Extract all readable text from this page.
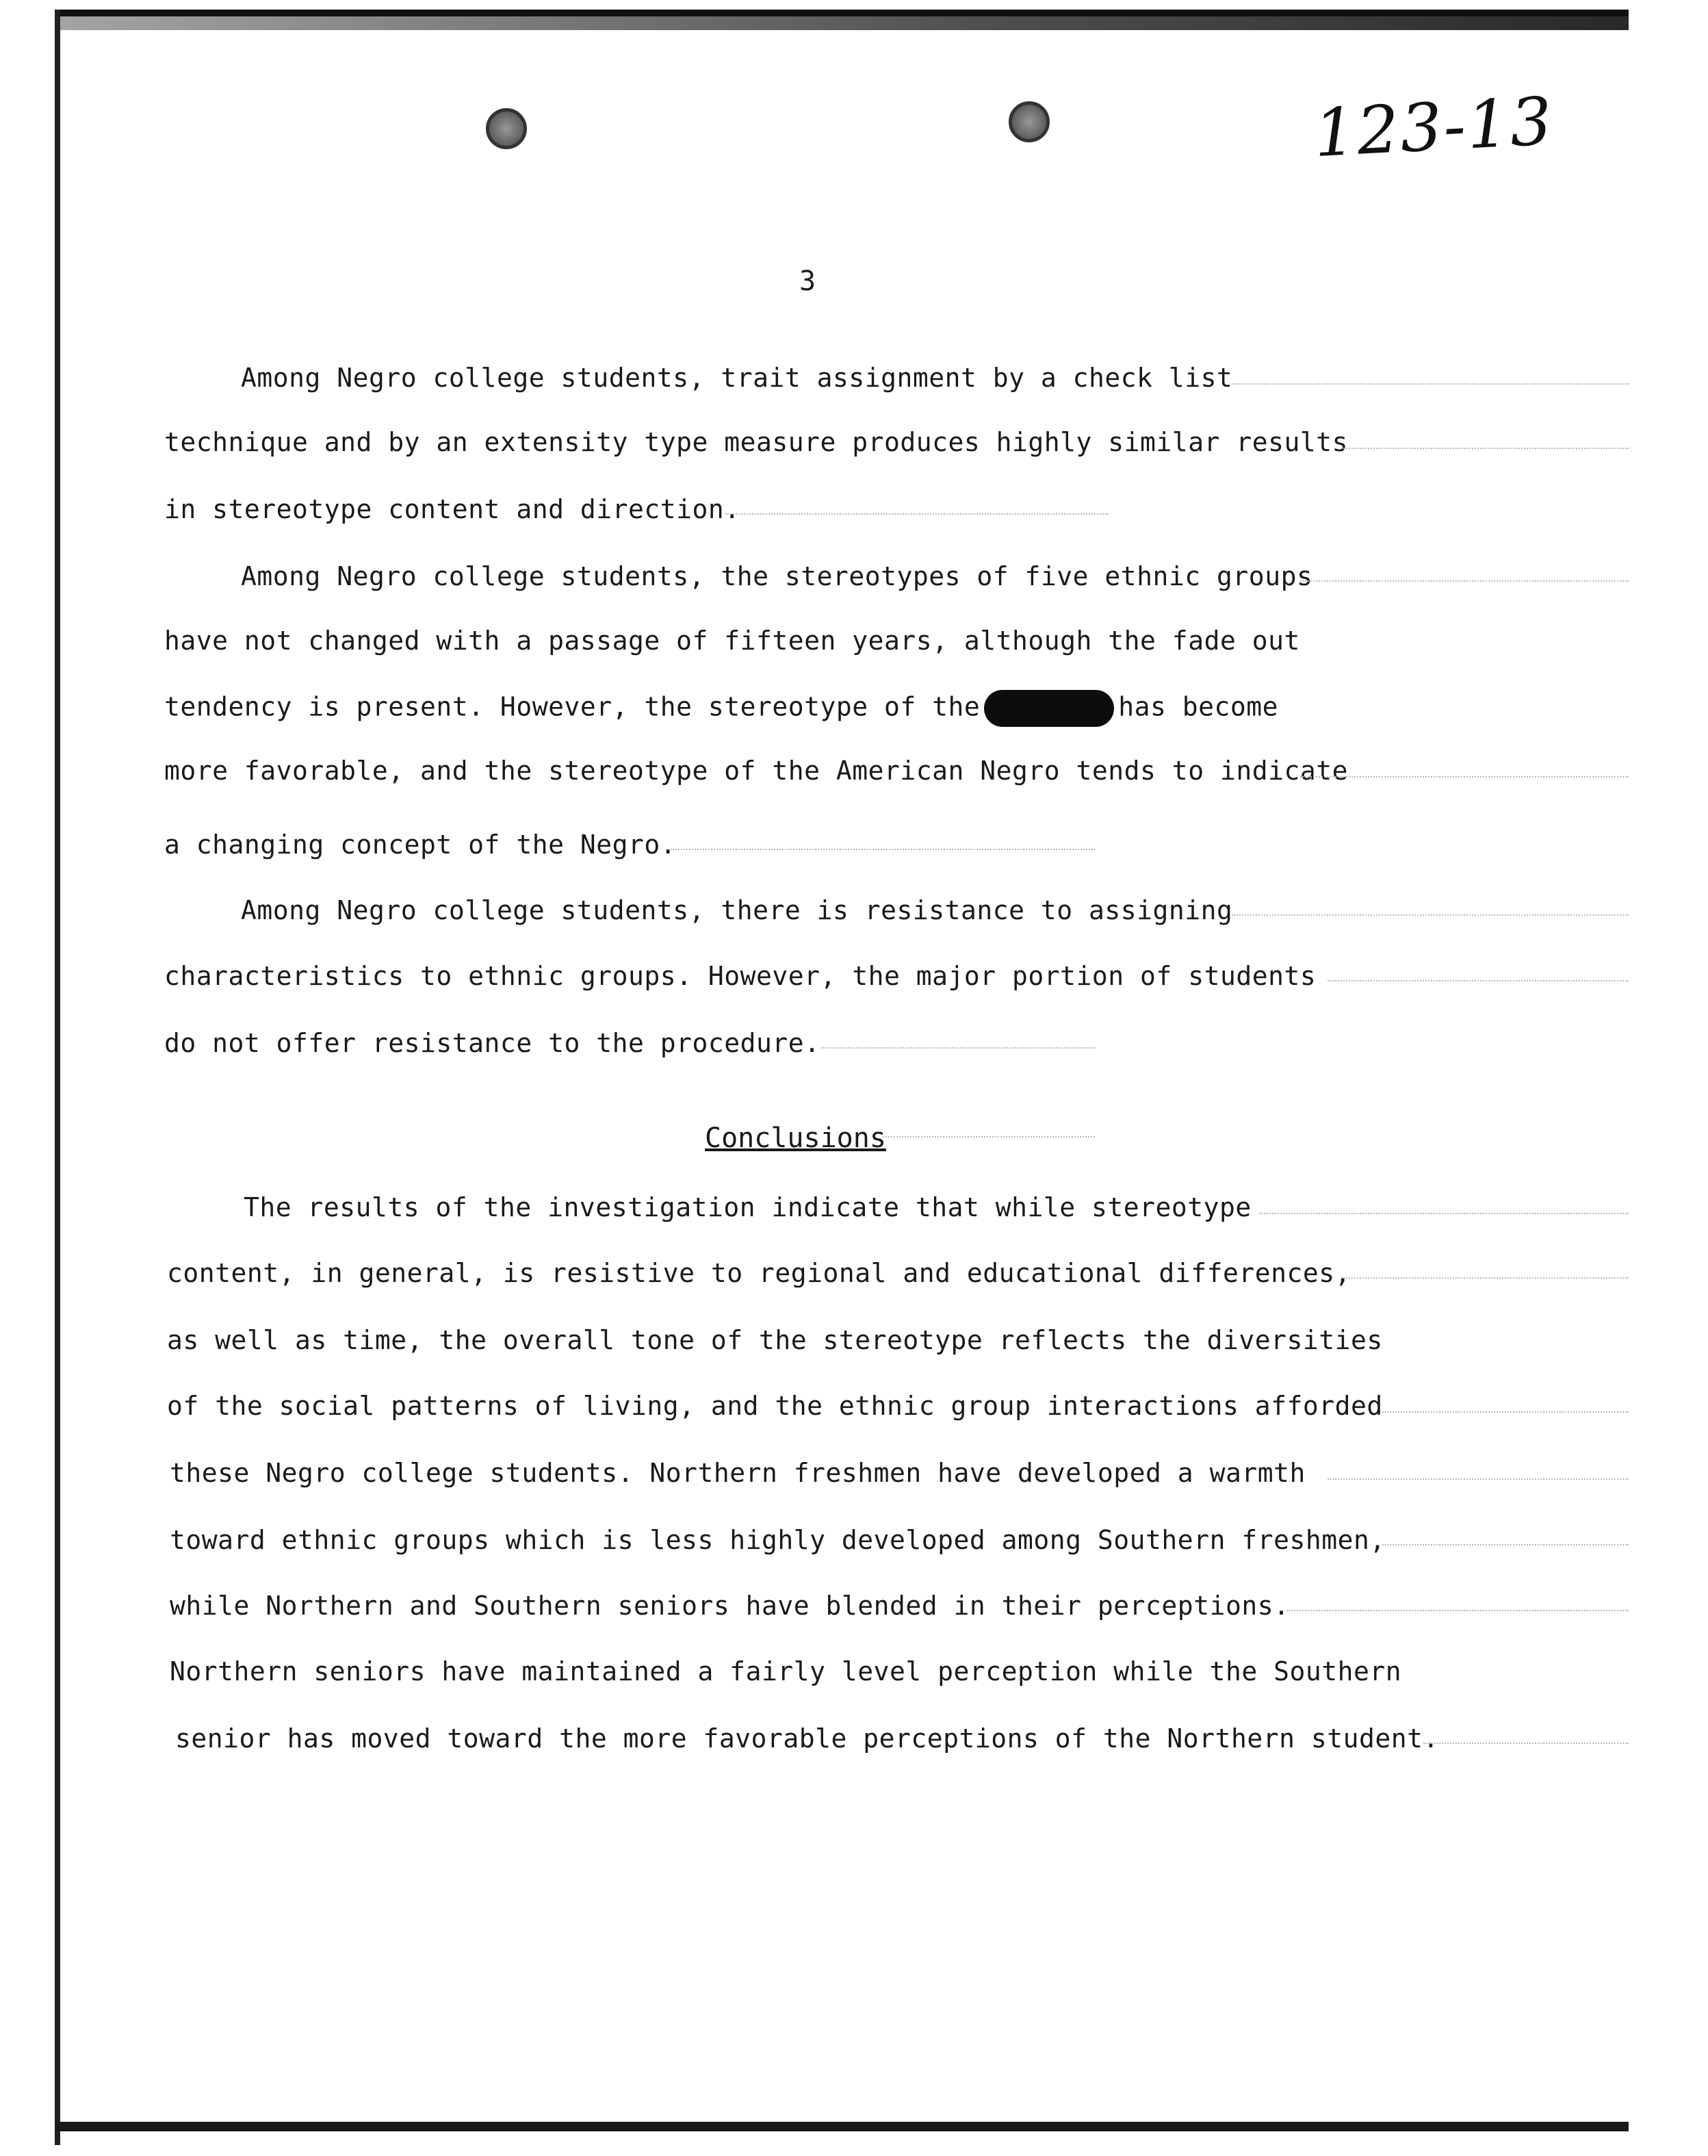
123-13
3
Among Negro college students, trait assignment by a check list
technique and by an extensity type measure produces highly similar results
in stereotype content and direction.
Among Negro college students, the stereotypes of five ethnic groups
have not changed with a passage of fifteen years, although the fade out
tendency is present. However, the stereotype of the	has become
more favorable, and the stereotype of the American Negro tends to indicate
a changing concept of the Negro.
Among Negro college students, there is resistance to assigning
characteristics to ethnic groups. However, the major portion of students
do not offer resistance to the procedure.
Conclusions
The results of the investigation indicate that while stereotype
content, in general, is resistive to regional and educational differences,
as well as time, the overall tone of the stereotype reflects the diversities
of the social patterns of living, and the ethnic group interactions afforded
these Negro college students. Northern freshmen have developed a warmth
toward ethnic groups which is less highly developed among Southern freshmen,
while Northern and Southern seniors have blended in their perceptions.
Northern seniors have maintained a fairly level perception while the Southern
senior has moved toward the more favorable perceptions of the Northern student.
